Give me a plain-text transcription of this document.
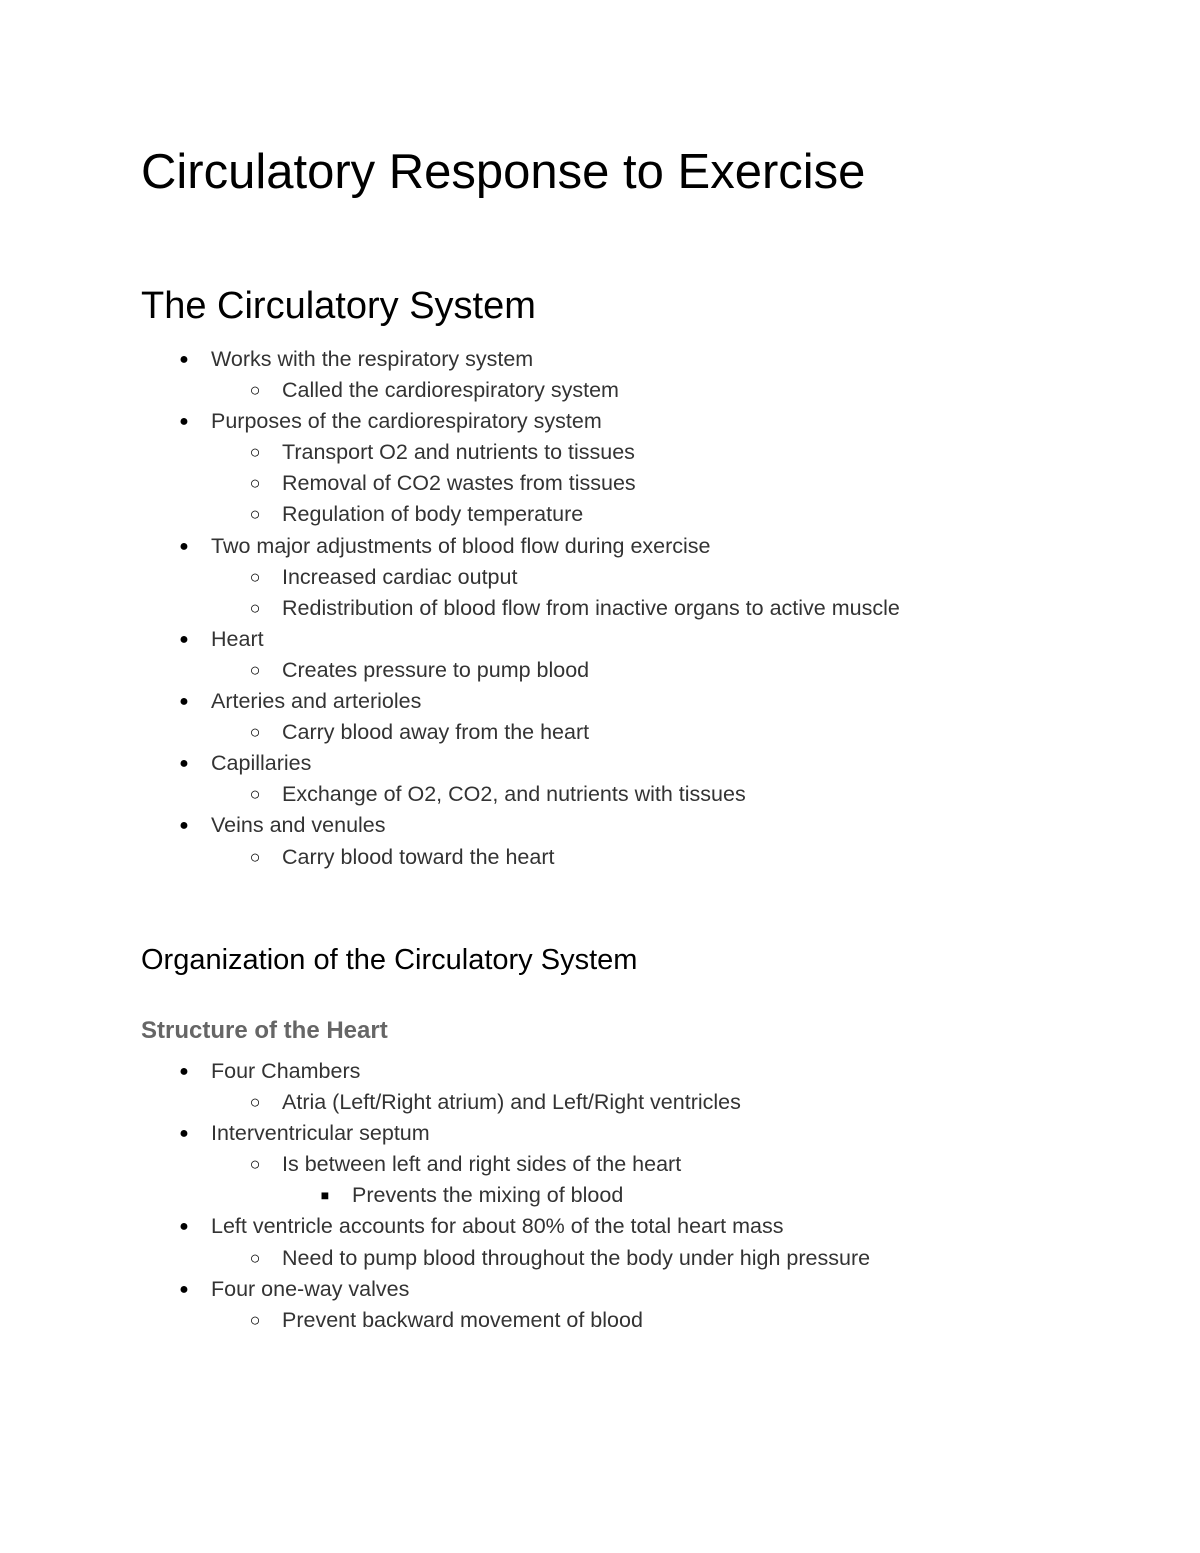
Circulatory Response to Exercise
The Circulatory System
● Works with the respiratory system
○ Called the cardiorespiratory system
● Purposes of the cardiorespiratory system
○ Transport O2 and nutrients to tissues
○ Removal of CO2 wastes from tissues
○ Regulation of body temperature
● Two major adjustments of blood flow during exercise
○ Increased cardiac output
○ Redistribution of blood flow from inactive organs to active muscle
● Heart
○ Creates pressure to pump blood
● Arteries and arterioles
○ Carry blood away from the heart
● Capillaries
○ Exchange of O2, CO2, and nutrients with tissues
● Veins and venules
○ Carry blood toward the heart
Organization of the Circulatory System
Structure of the Heart
● Four Chambers
○ Atria (Left/Right atrium) and Left/Right ventricles
● Interventricular septum
○ Is between left and right sides of the heart
■ Prevents the mixing of blood
● Left ventricle accounts for about 80% of the total heart mass
○ Need to pump blood throughout the body under high pressure
● Four one-way valves
○ Prevent backward movement of blood
